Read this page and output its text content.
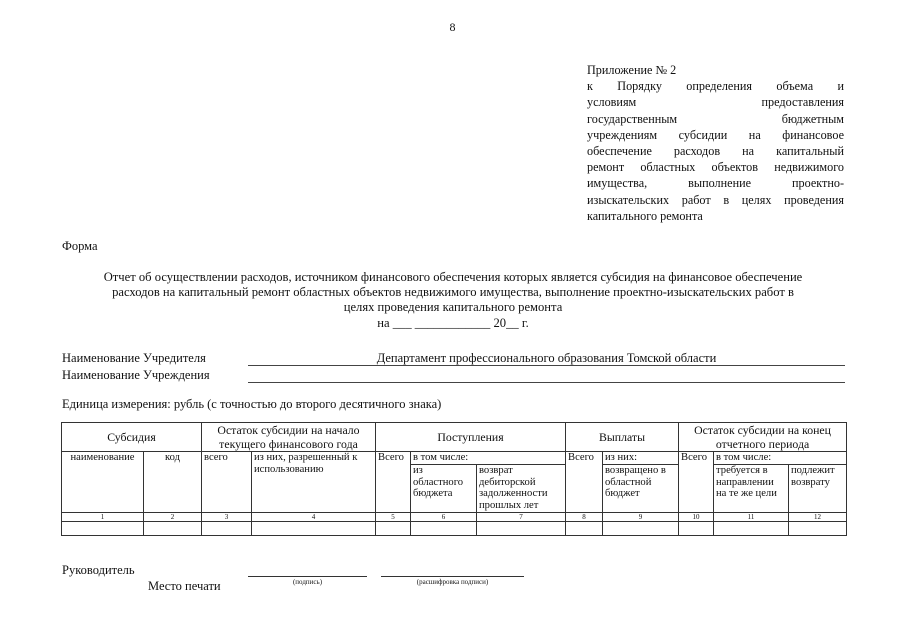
8
Приложение № 2
к Порядку определения объема и
условиям предоставления
государственным бюджетным
учреждениям субсидии на финансовое
обеспечение расходов на капитальный
ремонт областных объектов недвижимого
имущества, выполнение проектно-
изыскательских работ в целях проведения
капитального ремонта
Форма
Отчет об осуществлении расходов, источником финансового обеспечения которых является субсидия на финансовое обеспечение
расходов на капитальный ремонт областных объектов недвижимого имущества, выполнение проектно-изыскательских работ в
целях проведения капитального ремонта
на ___ ____________ 20__ г.
Наименование Учредителя	Департамент профессионального образования Томской области
Наименование Учреждения
Единица измерения: рубль (с точностью до второго десятичного знака)
Субсидия		Остаток субсидии на начало текущего финансового года		Поступления			Выплаты		Остаток субсидии на конец отчетного периода		
наименование	код	всего	из них, разрешенный к использованию	Всего	в том числе:		Всего	из них:	Всего	в том числе:	
					из областного бюджета	возврат дебиторской задолженности прошлых лет		возвращено в областной бюджет		требуется в направлении на те же цели	подлежит возврату
1	2	3	4	5	6	7	8	9	10	11	12

Руководитель
Место печати	(подпись)	(расшифровка подписи)
